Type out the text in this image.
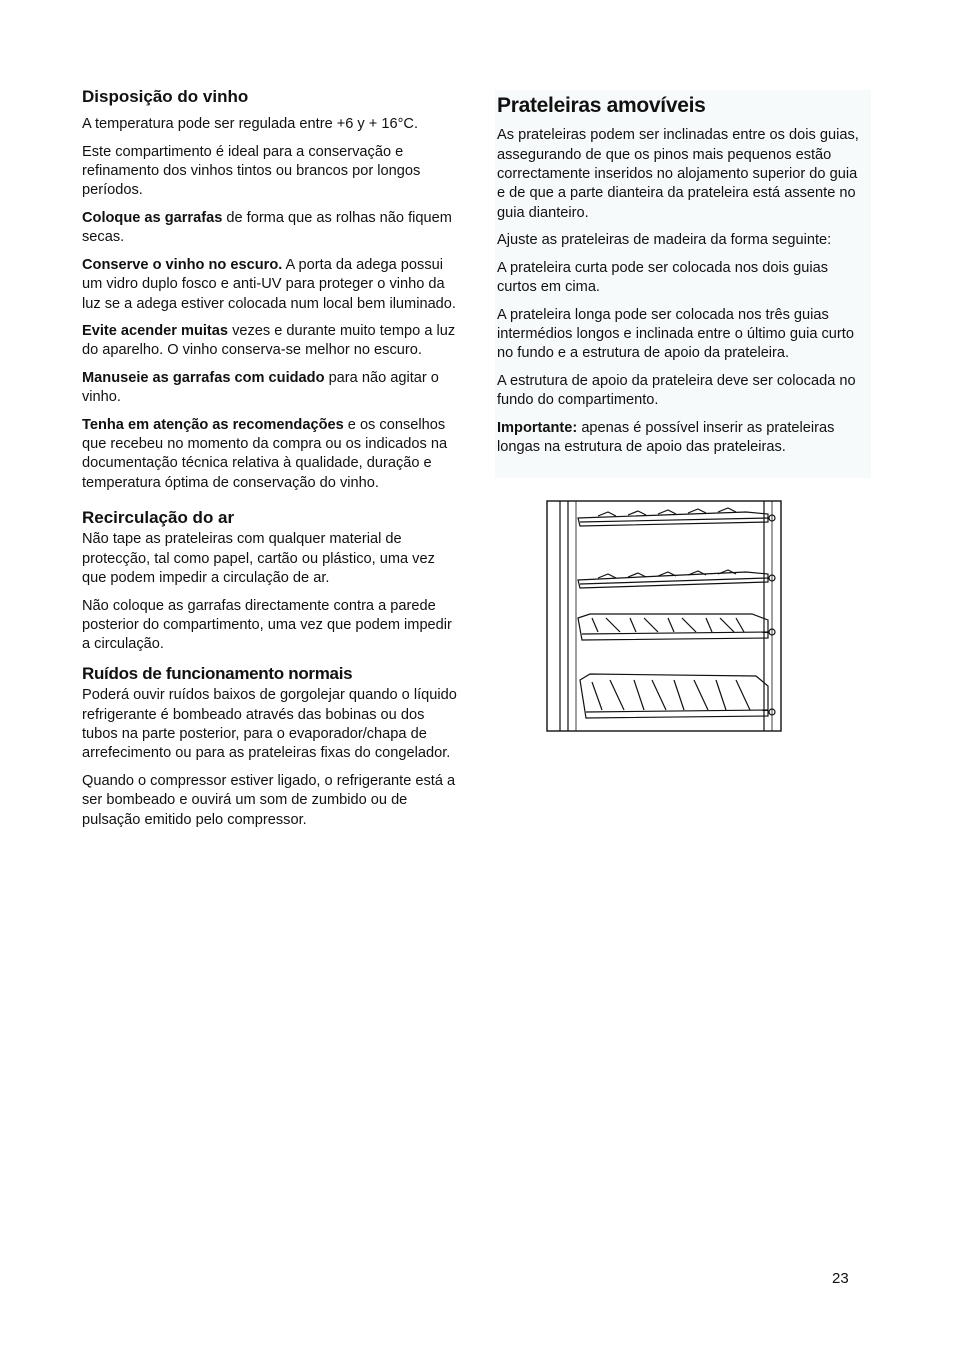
Disposição do vinho

A temperatura pode ser regulada entre +6 y + 16°C.

Este compartimento é ideal para a conservação e refinamento dos vinhos tintos ou brancos por longos períodos.

Coloque as garrafas de forma que as rolhas não fiquem secas.

Conserve o vinho no escuro. A porta da adega possui um vidro duplo fosco e anti-UV para proteger o vinho da luz se a adega estiver colocada num local bem iluminado.

Evite acender muitas vezes e durante muito tempo a luz do aparelho. O vinho conserva-se melhor no escuro.

Manuseie as garrafas com cuidado para não agitar o vinho.

Tenha em atenção as recomendações e os conselhos que recebeu no momento da compra ou os indicados na documentação técnica relativa à qualidade, duração e temperatura óptima de conservação do vinho.

Recirculação do ar

Não tape as prateleiras com qualquer material de protecção, tal como papel, cartão ou plástico, uma vez que podem impedir a circulação de ar.

Não coloque as garrafas directamente contra a parede posterior do compartimento, uma vez que podem impedir a circulação.

Ruídos de funcionamento normais

Poderá ouvir ruídos baixos de gorgolejar quando o líquido refrigerante é bombeado através das bobinas ou dos tubos na parte posterior, para o evaporador/chapa de arrefecimento ou para as prateleiras fixas do congelador.

Quando o compressor estiver ligado, o refrigerante está a ser bombeado e ouvirá um som de zumbido ou de pulsação emitido pelo compressor.

Prateleiras amovíveis

As prateleiras podem ser inclinadas entre os dois guias, assegurando de que os pinos mais pequenos estão correctamente inseridos no alojamento superior do guia e de que a parte dianteira da prateleira está assente no guia dianteiro.

Ajuste as prateleiras de madeira da forma seguinte:

A prateleira curta pode ser colocada nos dois guias curtos em cima.

A prateleira longa pode ser colocada nos três guias intermédios longos e inclinada entre o último guia curto no fundo e a estrutura de apoio da prateleira.

A estrutura de apoio da prateleira deve ser colocada no fundo do compartimento.

Importante: apenas é possível inserir as prateleiras longas na estrutura de apoio das prateleiras.

23
